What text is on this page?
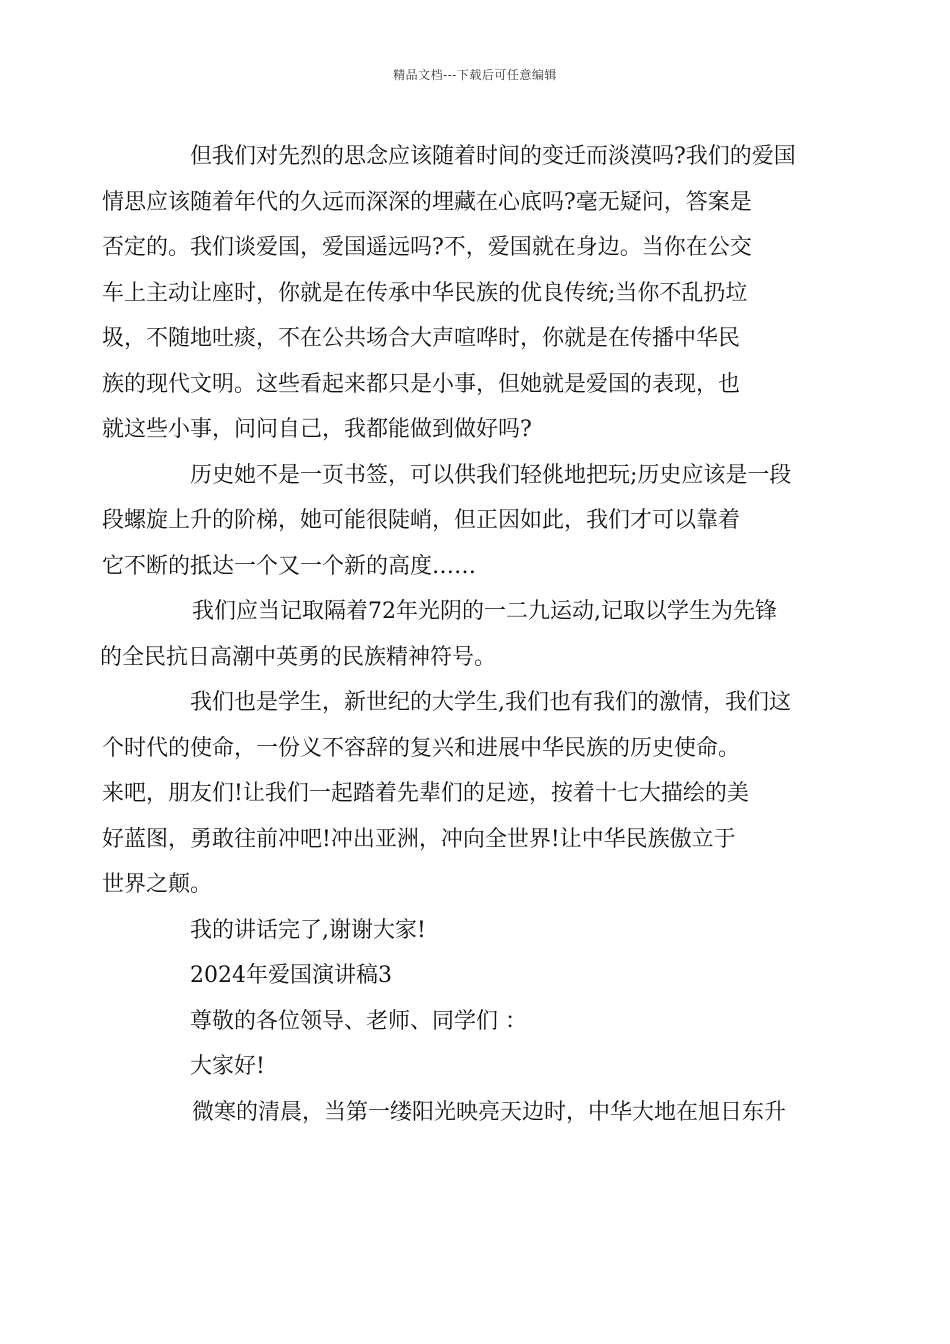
精品文档---下载后可任意编辑

但我们对先烈的思念应该随着时间的变迁而淡漠吗?我们的爱国
情思应该随着年代的久远而深深的埋藏在心底吗?毫无疑问，答案是
否定的。我们谈爱国，爱国遥远吗?不，爱国就在身边。当你在公交
车上主动让座时，你就是在传承中华民族的优良传统;当你不乱扔垃
圾，不随地吐痰，不在公共场合大声喧哗时，你就是在传播中华民
族的现代文明。这些看起来都只是小事，但她就是爱国的表现，也
就这些小事，问问自己，我都能做到做好吗?

历史她不是一页书签，可以供我们轻佻地把玩;历史应该是一段
段螺旋上升的阶梯，她可能很陡峭，但正因如此，我们才可以靠着
它不断的抵达一个又一个新的高度……

我们应当记取隔着72年光阴的一二九运动,记取以学生为先锋
的全民抗日高潮中英勇的民族精神符号。

我们也是学生，新世纪的大学生,我们也有我们的激情，我们这
个时代的使命，一份义不容辞的复兴和进展中华民族的历史使命。
来吧，朋友们!让我们一起踏着先辈们的足迹，按着十七大描绘的美
好蓝图，勇敢往前冲吧!冲出亚洲，冲向全世界!让中华民族傲立于
世界之颠。

我的讲话完了,谢谢大家!

2024年爱国演讲稿3

尊敬的各位领导、老师、同学们 ：

大家好!

微寒的清晨，当第一缕阳光映亮天边时，中华大地在旭日东升
